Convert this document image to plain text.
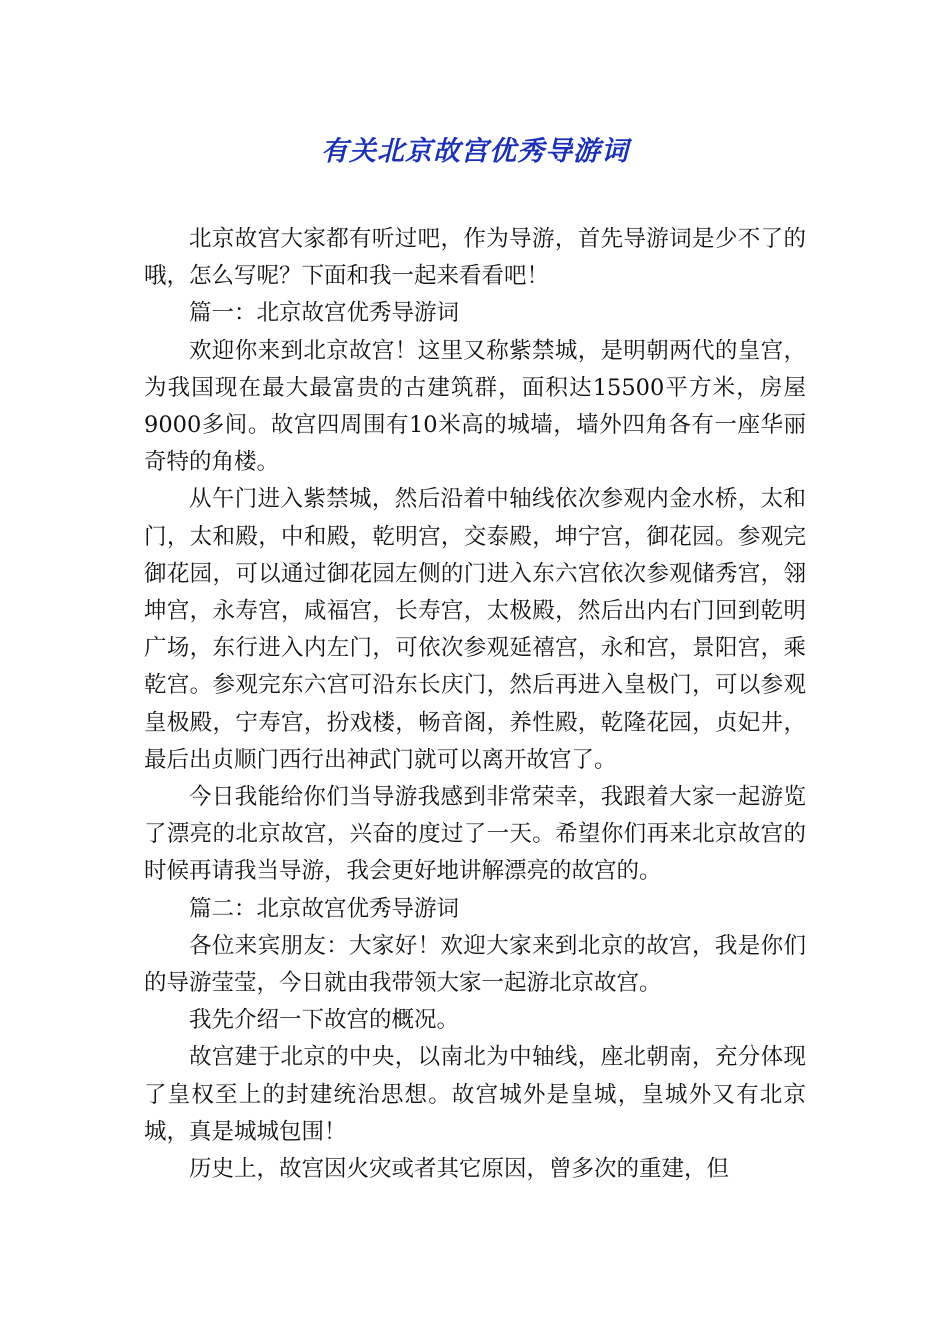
有关北京故宫优秀导游词

北京故宫大家都有听过吧，作为导游，首先导游词是少不了的哦，怎么写呢？下面和我一起来看看吧！

篇一：北京故宫优秀导游词

欢迎你来到北京故宫！这里又称紫禁城，是明朝两代的皇宫，为我国现在最大最富贵的古建筑群，面积达15500平方米，房屋9000多间。故宫四周围有10米高的城墙，墙外四角各有一座华丽奇特的角楼。

从午门进入紫禁城，然后沿着中轴线依次参观内金水桥，太和门，太和殿，中和殿，乾明宫，交泰殿，坤宁宫，御花园。参观完御花园，可以通过御花园左侧的门进入东六宫依次参观储秀宫，翎坤宫，永寿宫，咸福宫，长寿宫，太极殿，然后出内右门回到乾明广场，东行进入内左门，可依次参观延禧宫，永和宫，景阳宫，乘乾宫。参观完东六宫可沿东长庆门，然后再进入皇极门，可以参观皇极殿，宁寿宫，扮戏楼，畅音阁，养性殿，乾隆花园，贞妃井，最后出贞顺门西行出神武门就可以离开故宫了。

今日我能给你们当导游我感到非常荣幸，我跟着大家一起游览了漂亮的北京故宫，兴奋的度过了一天。希望你们再来北京故宫的时候再请我当导游，我会更好地讲解漂亮的故宫的。

篇二：北京故宫优秀导游词

各位来宾朋友：大家好！欢迎大家来到北京的故宫，我是你们的导游莹莹，今日就由我带领大家一起游北京故宫。

我先介绍一下故宫的概况。

故宫建于北京的中央，以南北为中轴线，座北朝南，充分体现了皇权至上的封建统治思想。故宫城外是皇城，皇城外又有北京城，真是城城包围！

历史上，故宫因火灾或者其它原因，曾多次的重建，但
